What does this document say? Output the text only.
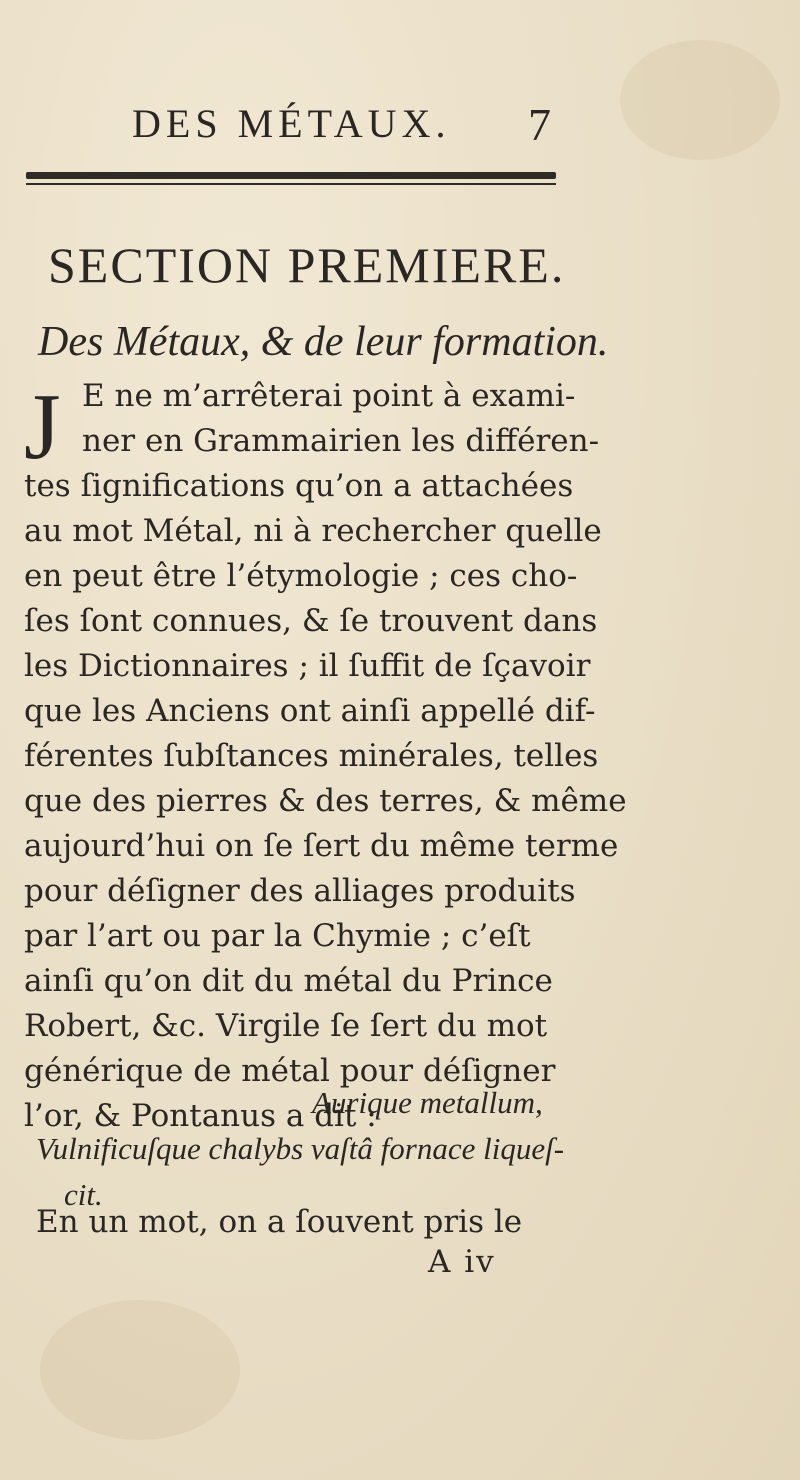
DES MÉTAUX. 7
SECTION PREMIERE.
Des Métaux, & de leur formation.
J E ne m’arrêterai point à exami-
ner en Grammairien les différen-
tes ſignifications qu’on a attachées
au mot Métal, ni à rechercher quelle
en peut être l’étymologie ; ces cho-
ſes ſont connues, & ſe trouvent dans
les Dictionnaires ; il ſuffit de ſçavoir
que les Anciens ont ainſi appellé dif-
férentes ſubſtances minérales, telles
que des pierres & des terres, & même
aujourd’hui on ſe ſert du même terme
pour déſigner des alliages produits
par l’art ou par la Chymie ; c’eſt
ainſi qu’on dit du métal du Prince
Robert, &c. Virgile ſe ſert du mot
générique de métal pour déſigner
l’or, & Pontanus a dit :
Aurique metallum,
Vulnificuſque chalybs vaſtâ fornace liqueſ-
cit.
En un mot, on a ſouvent pris le
A iv
